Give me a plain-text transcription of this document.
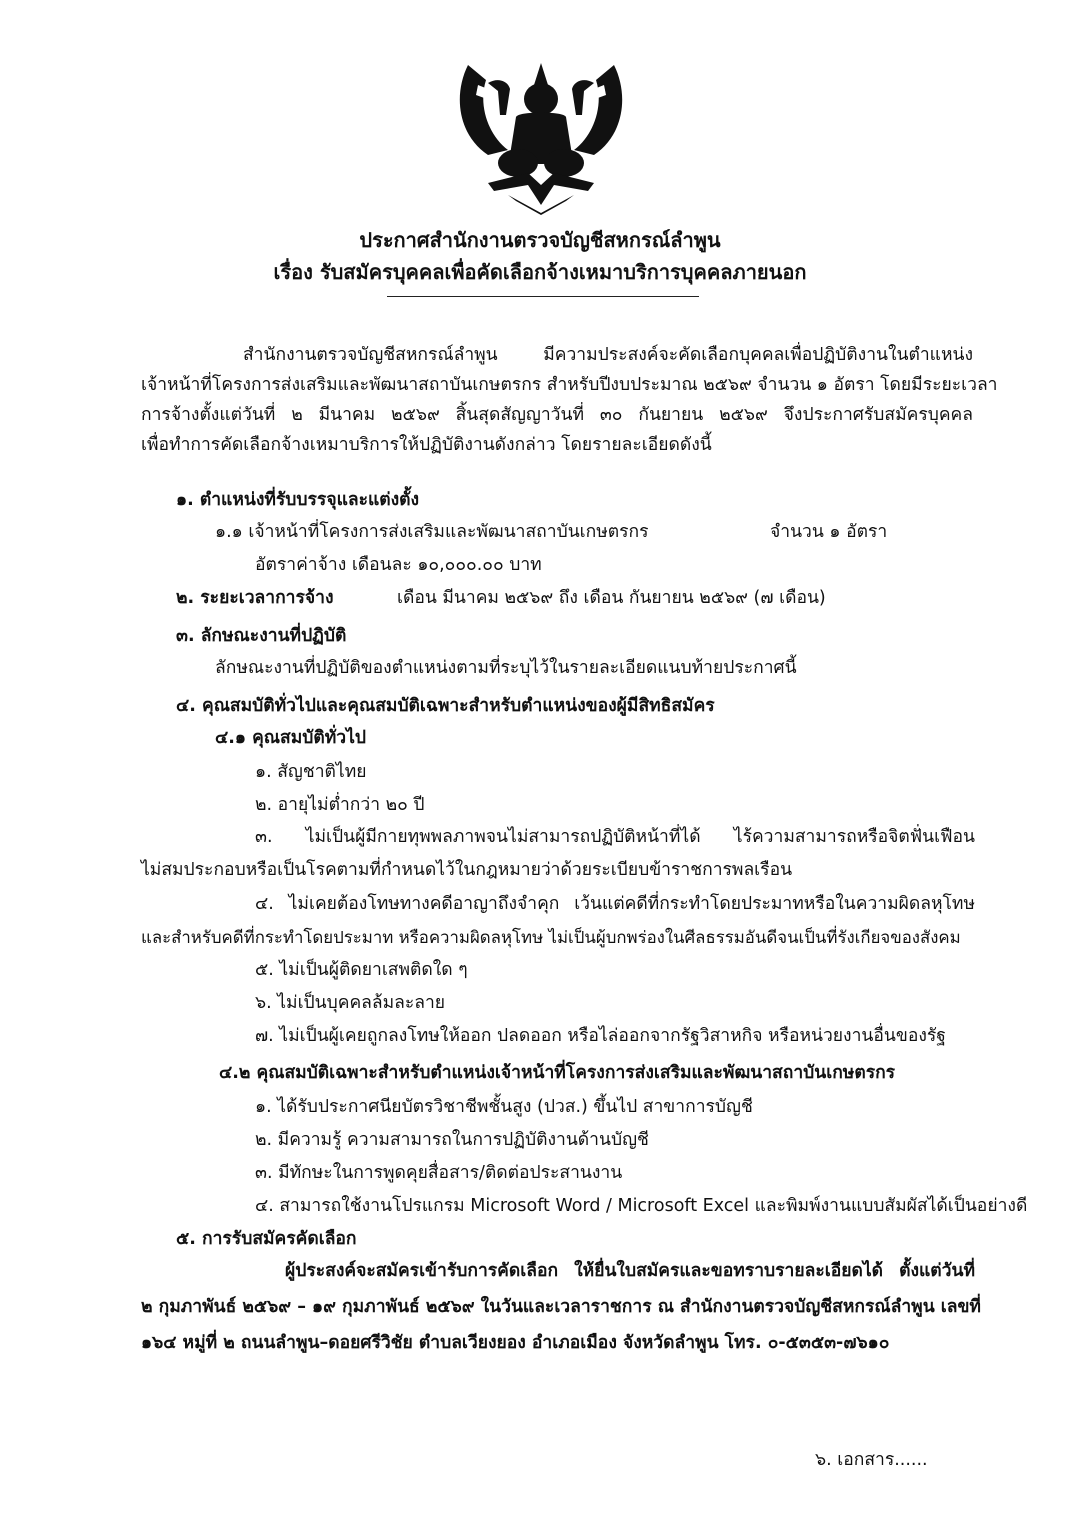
ประกาศสำนักงานตรวจบัญชีสหกรณ์ลำพูน
เรื่อง รับสมัครบุคคลเพื่อคัดเลือกจ้างเหมาบริการบุคคลภายนอก
สำนักงานตรวจบัญชีสหกรณ์ลำพูน มีความประสงค์จะคัดเลือกบุคคลเพื่อปฏิบัติงานในตำแหน่ง
เจ้าหน้าที่โครงการส่งเสริมและพัฒนาสถาบันเกษตรกร สำหรับปีงบประมาณ ๒๕๖๙ จำนวน ๑ อัตรา โดยมีระยะเวลา
การจ้างตั้งแต่วันที่ ๒ มีนาคม ๒๕๖๙ สิ้นสุดสัญญาวันที่ ๓๐ กันยายน ๒๕๖๙ จึงประกาศรับสมัครบุคคล
เพื่อทำการคัดเลือกจ้างเหมาบริการให้ปฏิบัติงานดังกล่าว โดยรายละเอียดดังนี้
๑. ตำแหน่งที่รับบรรจุและแต่งตั้ง
๑.๑ เจ้าหน้าที่โครงการส่งเสริมและพัฒนาสถาบันเกษตรกร	จำนวน ๑ อัตรา
อัตราค่าจ้าง เดือนละ ๑๐,๐๐๐.๐๐ บาท
๒. ระยะเวลาการจ้าง	เดือน มีนาคม ๒๕๖๙ ถึง เดือน กันยายน ๒๕๖๙ (๗ เดือน)
๓. ลักษณะงานที่ปฏิบัติ
ลักษณะงานที่ปฏิบัติของตำแหน่งตามที่ระบุไว้ในรายละเอียดแนบท้ายประกาศนี้
๔. คุณสมบัติทั่วไปและคุณสมบัติเฉพาะสำหรับตำแหน่งของผู้มีสิทธิสมัคร
๔.๑ คุณสมบัติทั่วไป
๑. สัญชาติไทย
๒. อายุไม่ต่ำกว่า ๒๐ ปี
๓. ไม่เป็นผู้มีกายทุพพลภาพจนไม่สามารถปฏิบัติหน้าที่ได้ ไร้ความสามารถหรือจิตฟั่นเฟือน
ไม่สมประกอบหรือเป็นโรคตามที่กำหนดไว้ในกฎหมายว่าด้วยระเบียบข้าราชการพลเรือน
๔. ไม่เคยต้องโทษทางคดีอาญาถึงจำคุก เว้นแต่คดีที่กระทำโดยประมาทหรือในความผิดลหุโทษ
และสำหรับคดีที่กระทำโดยประมาท หรือความผิดลหุโทษ ไม่เป็นผู้บกพร่องในศีลธรรมอันดีจนเป็นที่รังเกียจของสังคม
๕. ไม่เป็นผู้ติดยาเสพติดใด ๆ
๖. ไม่เป็นบุคคลล้มละลาย
๗. ไม่เป็นผู้เคยถูกลงโทษให้ออก ปลดออก หรือไล่ออกจากรัฐวิสาหกิจ หรือหน่วยงานอื่นของรัฐ
๔.๒ คุณสมบัติเฉพาะสำหรับตำแหน่งเจ้าหน้าที่โครงการส่งเสริมและพัฒนาสถาบันเกษตรกร
๑. ได้รับประกาศนียบัตรวิชาชีพชั้นสูง (ปวส.) ขึ้นไป สาขาการบัญชี
๒. มีความรู้ ความสามารถในการปฏิบัติงานด้านบัญชี
๓. มีทักษะในการพูดคุยสื่อสาร/ติดต่อประสานงาน
๔. สามารถใช้งานโปรแกรม Microsoft Word / Microsoft Excel และพิมพ์งานแบบสัมผัสได้เป็นอย่างดี
๕. การรับสมัครคัดเลือก
ผู้ประสงค์จะสมัครเข้ารับการคัดเลือก ให้ยื่นใบสมัครและขอทราบรายละเอียดได้ ตั้งแต่วันที่
๒ กุมภาพันธ์ ๒๕๖๙ – ๑๙ กุมภาพันธ์ ๒๕๖๙ ในวันและเวลาราชการ ณ สำนักงานตรวจบัญชีสหกรณ์ลำพูน เลขที่
๑๖๔ หมู่ที่ ๒ ถนนลำพูน–ดอยศรีวิชัย ตำบลเวียงยอง อำเภอเมือง จังหวัดลำพูน โทร. ๐-๕๓๕๓-๗๖๑๐
๖. เอกสาร......
